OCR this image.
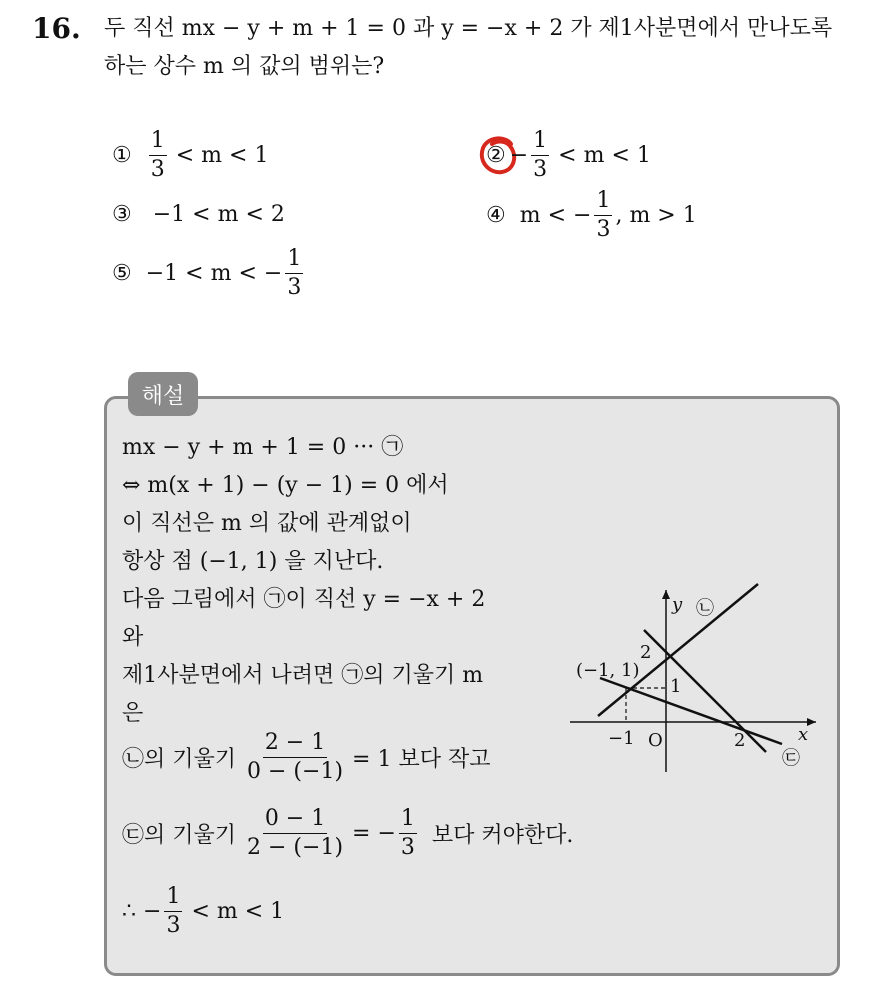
16. 두 직선 mx − y + m + 1 = 0 과 y = −x + 2 가 제1사분면에서 만나도록
하는 상수 m 의 값의 범위는?
① $\frac{1}{3} < m < 1$	② − $\frac{1}{3} < m < 1$
③ −1 < m < 2	④ m < − $\frac{1}{3}$ , m > 1
⑤ −1 < m < − $\frac{1}{3}$
해설
mx − y + m + 1 = 0 ··· ㉠
⇔ m(x + 1) − (y − 1) = 0 에서
이 직선은 m 의 값에 관계없이
항상 점 (−1, 1) 을 지난다.
다음 그림에서 ㉠이 직선 y = −x + 2
와
제1사분면에서 나려면 ㉠의 기울기 m
은
㉡의 기울기 $\frac{2 - 1}{0 - (-1)} = 1$ 보다 작고
㉢의 기울기 $\frac{0 - 1}{2 - (-1)}$ = − $\frac{1}{3}$ 보다 커야한다.
∴ − $\frac{1}{3} < m < 1$
y
x
O
−1	2
2
1
(−1, 1)
㉡
㉢
